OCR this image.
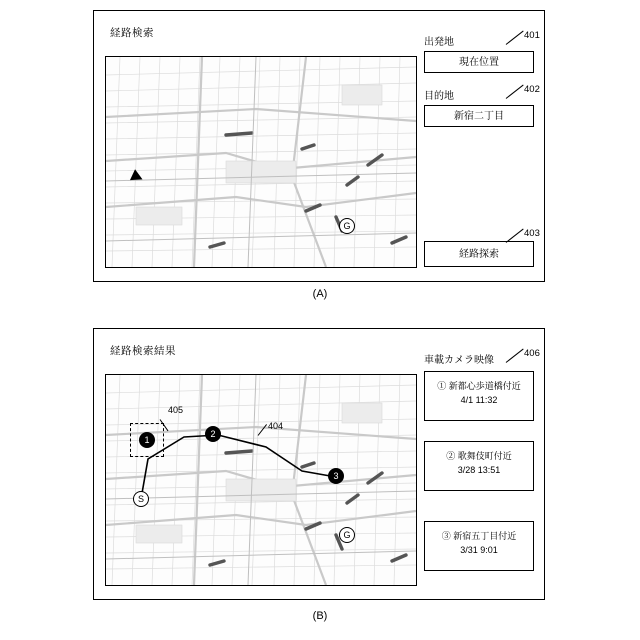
経路検索
G
出発地
現在位置
目的地
新宿二丁目
経路探索
401
402
403
(A)
経路検索結果
1
2
3
S
G
405
404
車載カメラ映像
① 新都心歩道橋付近
4/1 11:32
② 歌舞伎町付近
3/28 13:51
③ 新宿五丁目付近
3/31 9:01
406
(B)
